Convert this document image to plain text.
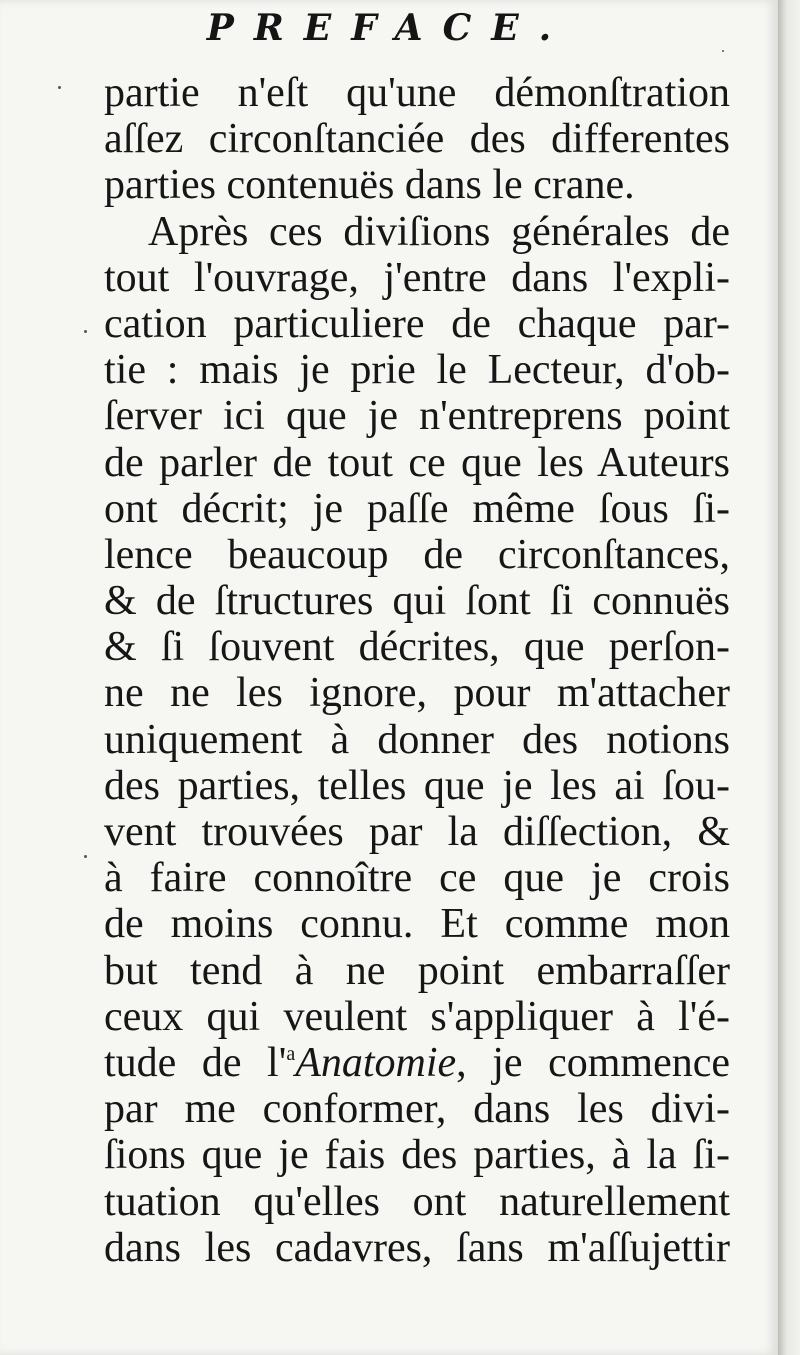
PREFACE.
partie n'eſt qu'une démonſtration
aſſez circonſtanciée des differentes
parties contenuës dans le crane.
Après ces diviſions générales de
tout l'ouvrage, j'entre dans l'expli-
cation particuliere de chaque par-
tie : mais je prie le Lecteur, d'ob-
ſerver ici que je n'entreprens point
de parler de tout ce que les Auteurs
ont décrit; je paſſe même ſous ſi-
lence beaucoup de circonſtances,
& de ſtructures qui ſont ſi connuës
& ſi ſouvent décrites, que perſon-
ne ne les ignore, pour m'attacher
uniquement à donner des notions
des parties, telles que je les ai ſou-
vent trouvées par la diſſection, &
à faire connoître ce que je crois
de moins connu. Et comme mon
but tend à ne point embarraſſer
ceux qui veulent s'appliquer à l'é-
tude de $l'^aAnatomie$, je commence
par me conformer, dans les divi-
ſions que je fais des parties, à la ſi-
tuation qu'elles ont naturellement
dans les cadavres, ſans m'aſſujettir
